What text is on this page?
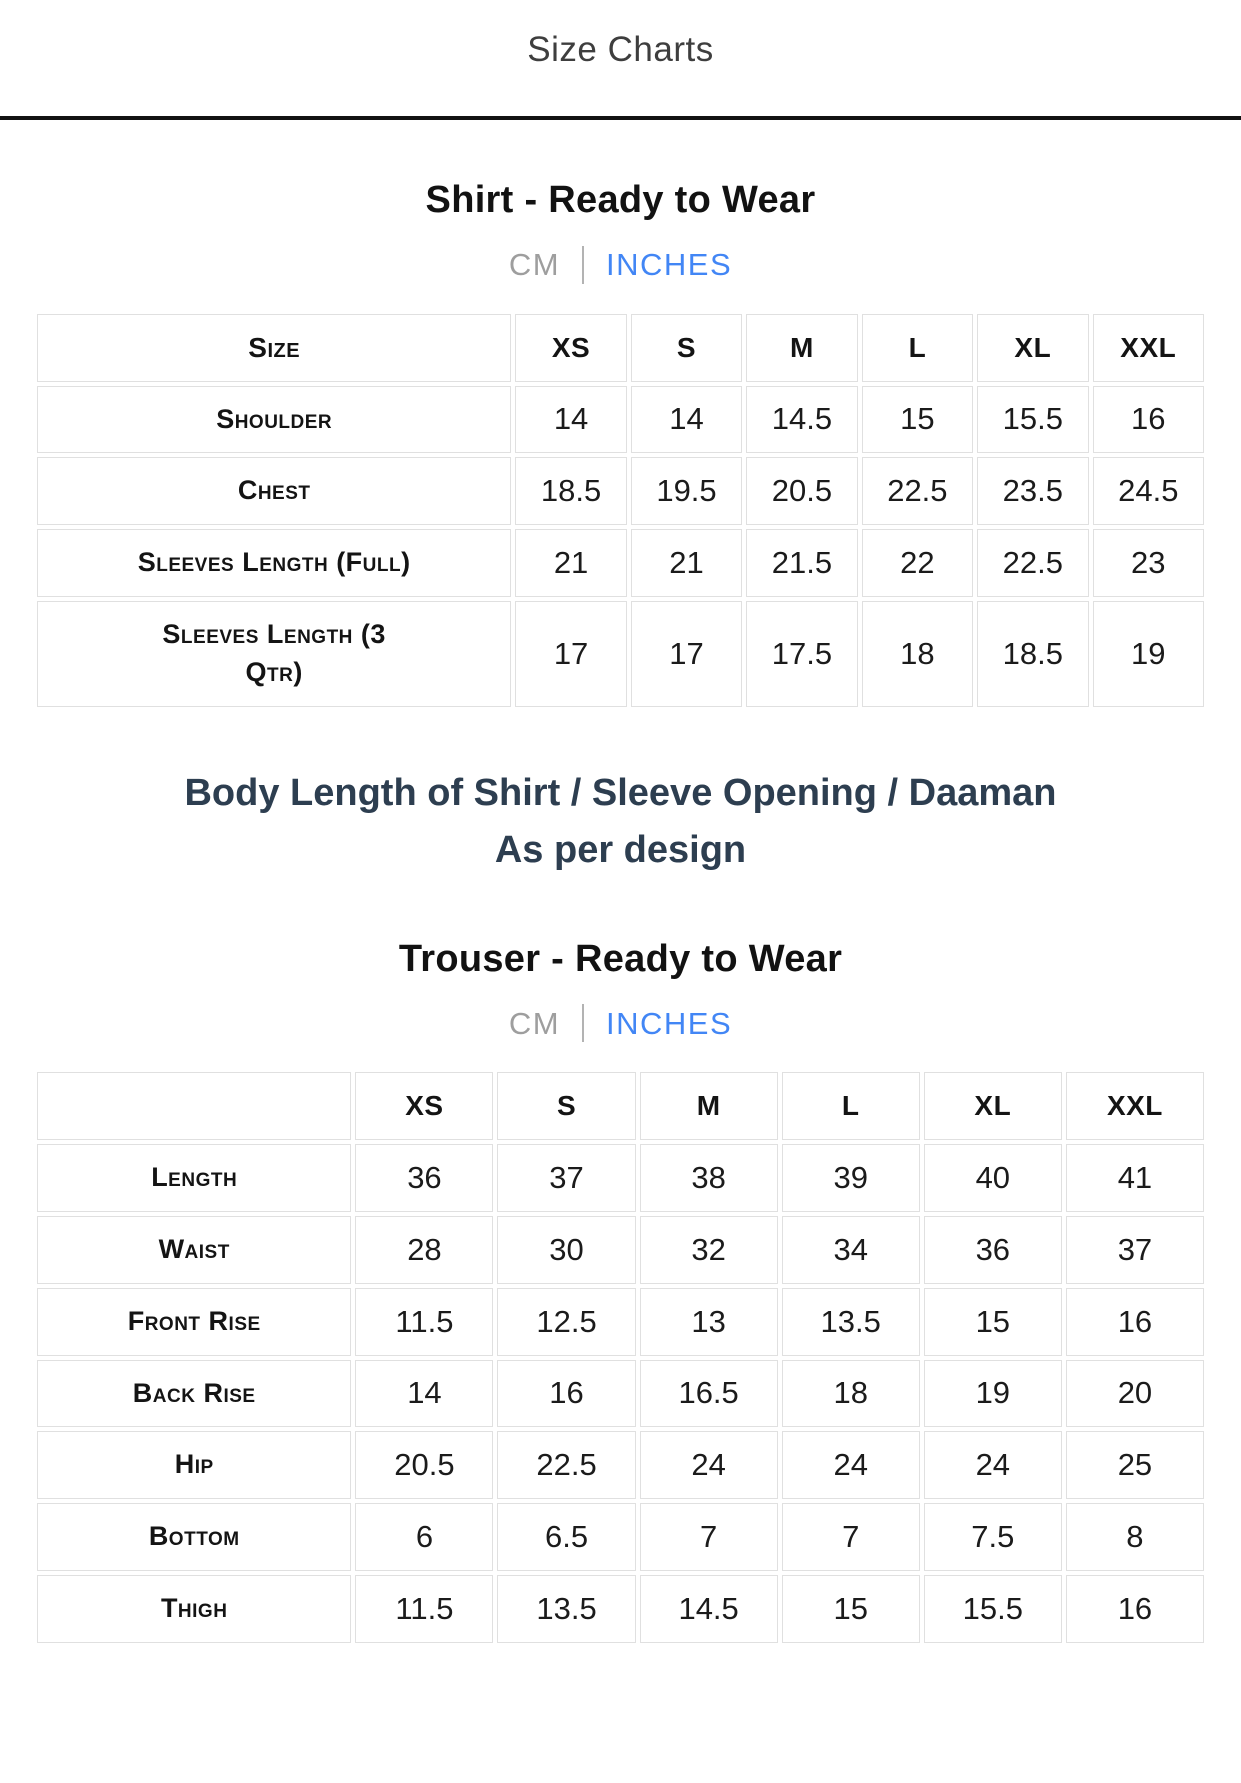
Size Charts
Shirt - Ready to Wear
CM INCHES
Size	XS	S	M	L	XL	XXL
Shoulder	14	14	14.5	15	15.5	16
Chest	18.5	19.5	20.5	22.5	23.5	24.5
Sleeves Length (Full)	21	21	21.5	22	22.5	23
Sleeves Length (3
Qtr)	17	17	17.5	18	18.5	19

Body Length of Shirt / Sleeve Opening / Daaman
As per design

Trouser - Ready to Wear
CM INCHES
	XS	S	M	L	XL	XXL
Length	36	37	38	39	40	41
Waist	28	30	32	34	36	37
Front Rise	11.5	12.5	13	13.5	15	16
Back Rise	14	16	16.5	18	19	20
Hip	20.5	22.5	24	24	24	25
Bottom	6	6.5	7	7	7.5	8
Thigh	11.5	13.5	14.5	15	15.5	16
